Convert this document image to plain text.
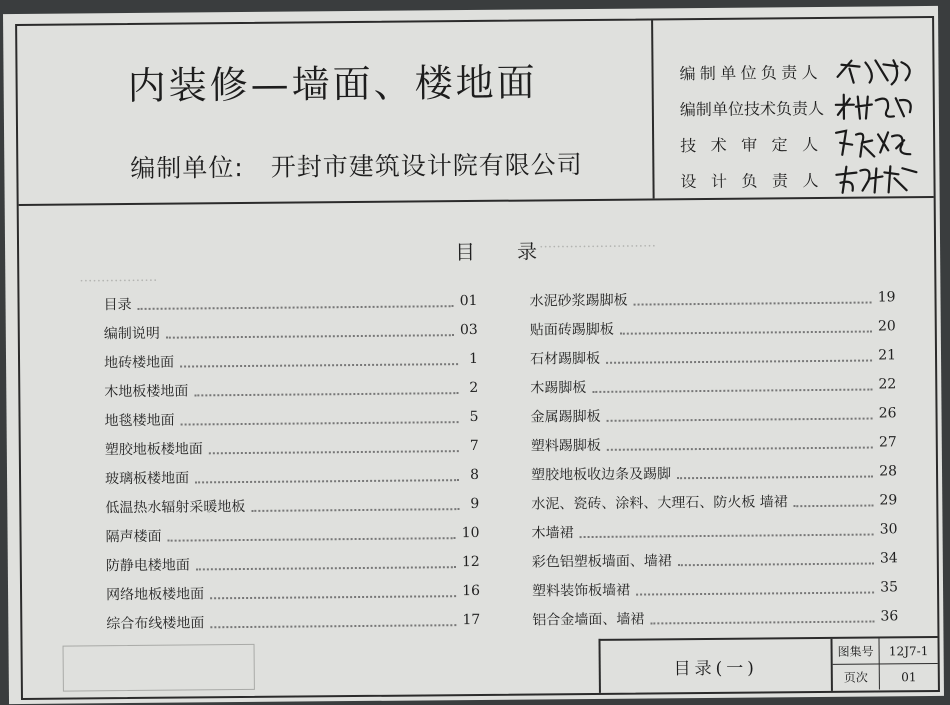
………………
………………………
内装修—墙面、楼地面
编制单位: 开封市建筑设计院有限公司
编 制 单 位 负 责 人
编 制 单 位 技 术 负 责 人
技 术 审 定 人
设 计 负 责 人
目录
目录	01
编制说明	03
地砖楼地面	1
木地板楼地面	2
地毯楼地面	5
塑胶地板楼地面	7
玻璃板楼地面	8
低温热水辐射采暖地板	9
隔声楼面	10
防静电楼地面	12
网络地板楼地面	16
综合布线楼地面	17
水泥砂浆踢脚板	19
贴面砖踢脚板	20
石材踢脚板	21
木踢脚板	22
金属踢脚板	26
塑料踢脚板	27
塑胶地板收边条及踢脚	28
水泥、瓷砖、涂料、大理石、防火板 墙裙	29
木墙裙	30
彩色铝塑板墙面、墙裙	34
塑料装饰板墙裙	35
铝合金墙面、墙裙	36
目录(一)
图集号	12J7-1
页次	01
